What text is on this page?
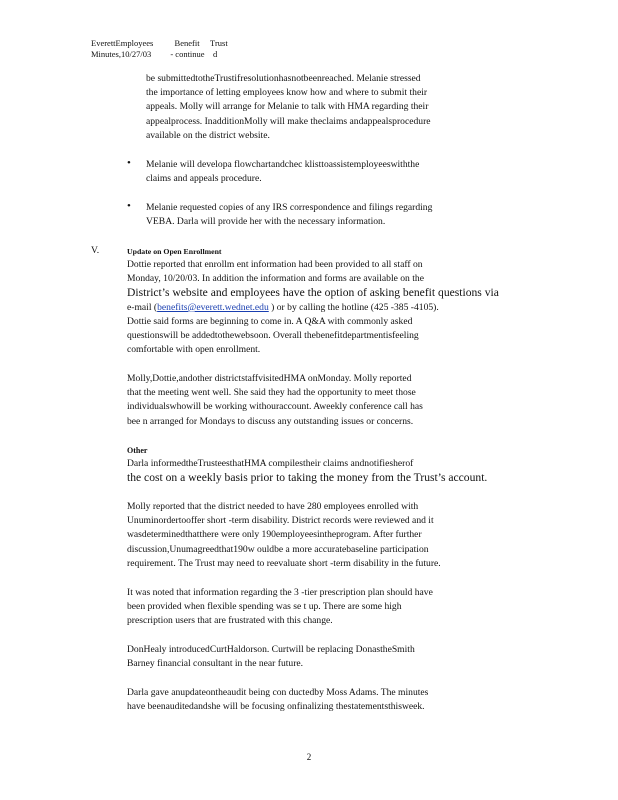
EverettEmployees          Benefit     Trust
Minutes,10/27/03         - continue    d
be submittedtotheTrustifresolutionhasnotbeenreached. Melanie stressed
the importance of letting employees know how and where to submit their
appeals. Molly will arrange for Melanie to talk with HMA regarding their
appealprocess. InadditionMolly will make theclaims andappealsprocedure
available on the district website.
• Melanie will developa flowchartandchec klisttoassistemployeeswiththe
claims and appeals procedure.
• Melanie requested copies of any IRS correspondence and filings regarding
VEBA. Darla will provide her with the necessary information.
V.	Update on Open Enrollment
Dottie reported that enrollm ent information had been provided to all staff on
Monday, 10/20/03. In addition the information and forms are available on the
District’s website and employees have the option of asking benefit questions via
e-mail (benefits@everett.wednet.edu ) or by calling the hotline (425 -385 -4105).
Dottie said forms are beginning to come in. A Q&A with commonly asked
questionswill be addedtothewebsoon. Overall thebenefitdepartmentisfeeling
comfortable with open enrollment.
Molly,Dottie,andother districtstaffvisitedHMA onMonday. Molly reported
that the meeting went well. She said they had the opportunity to meet those
individualswhowill be working withouraccount. Aweekly conference call has
bee n arranged for Mondays to discuss any outstanding issues or concerns.
Other
Darla informedtheTrusteesthatHMA compilestheir claims andnotifiesherof
the cost on a weekly basis prior to taking the money from the Trust’s account.
Molly reported that the district needed to have 280 employees enrolled with
Unuminordertooffer short -term disability. District records were reviewed and it
wasdeterminedthatthere were only 190employeesintheprogram. After further
discussion,Unumagreedthat190w ouldbe a more accuratebaseline participation
requirement. The Trust may need to reevaluate short -term disability in the future.
It was noted that information regarding the 3 -tier prescription plan should have
been provided when flexible spending was se t up. There are some high
prescription users that are frustrated with this change.
DonHealy introducedCurtHaldorson. Curtwill be replacing DonastheSmith
Barney financial consultant in the near future.
Darla gave anupdateontheaudit being con ductedby Moss Adams. The minutes
have beenauditedandshe will be focusing onfinalizing thestatementsthisweek.
2
